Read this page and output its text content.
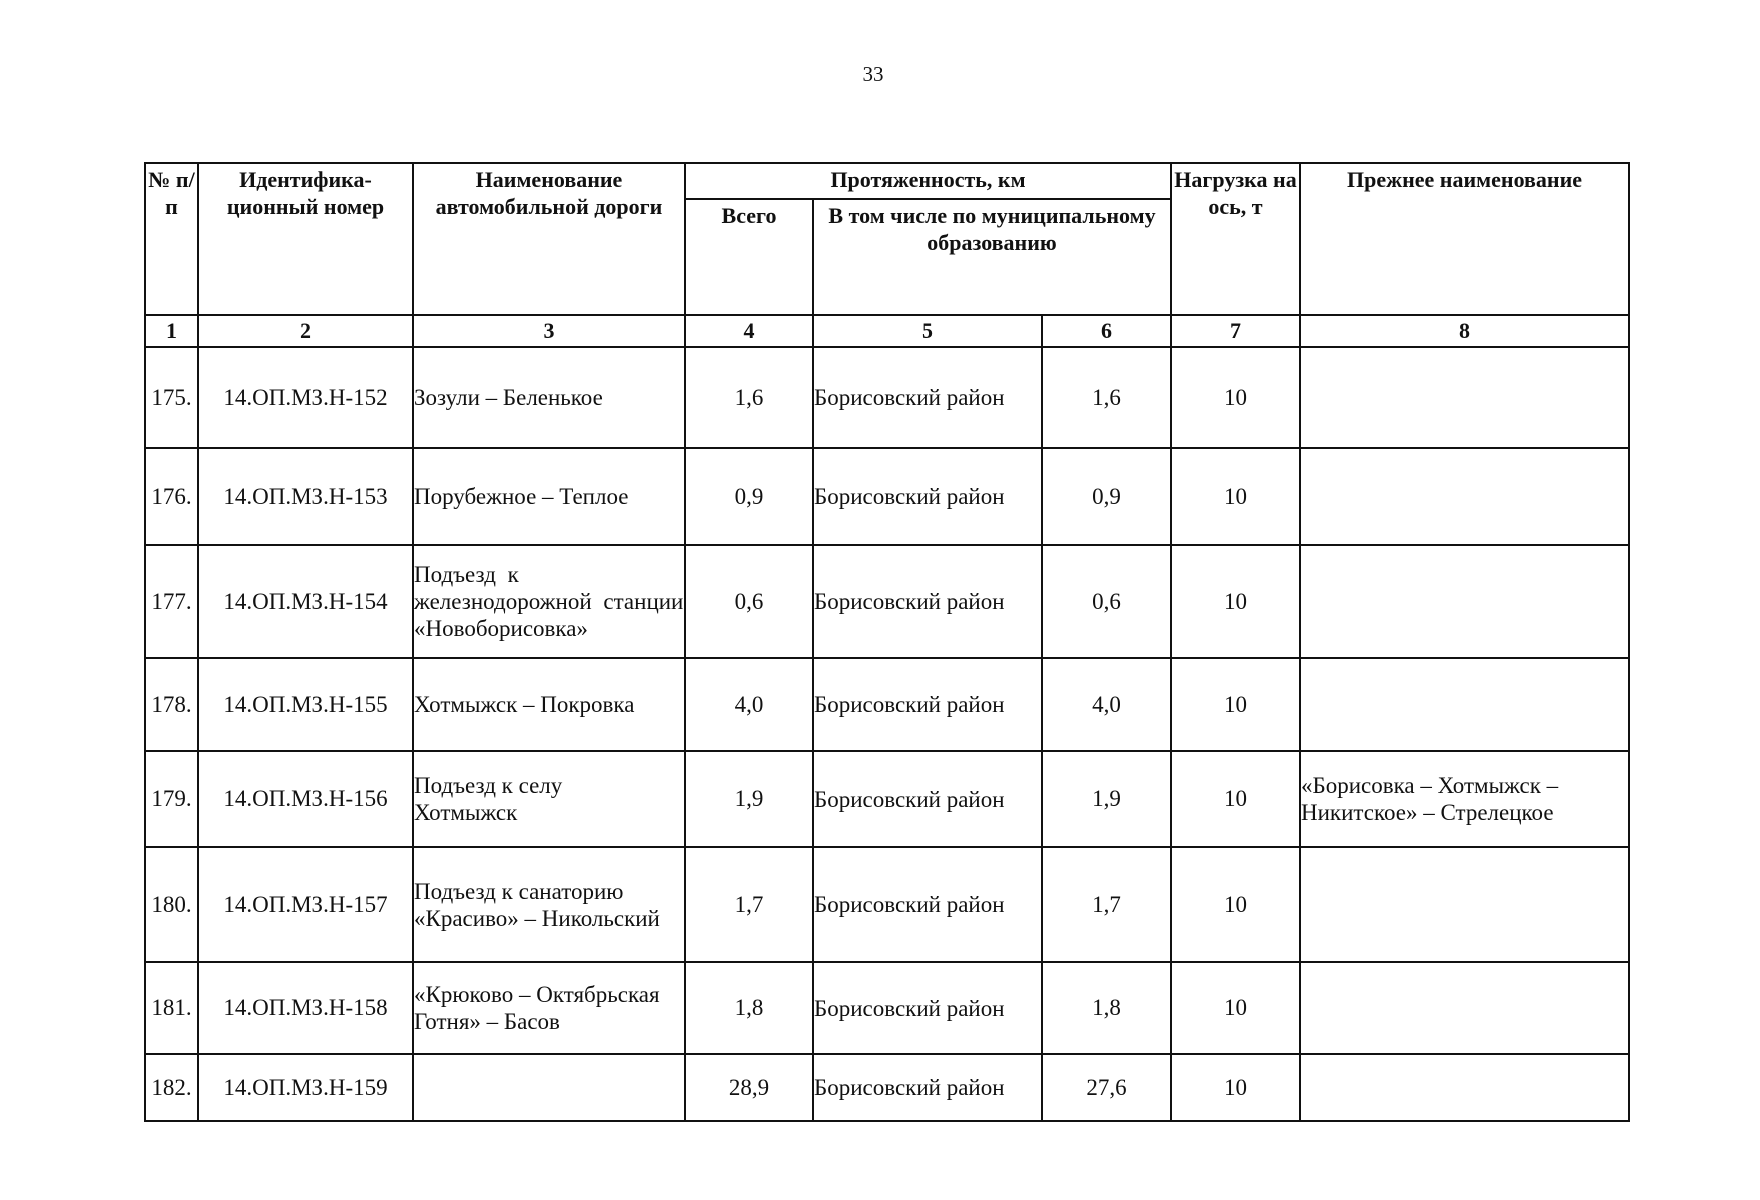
33
№ п/п	Идентифика-ционный номер	Наименование автомобильной дороги	Протяженность, км			Нагрузка на ось, т	Прежнее наименование
			Всего	В том числе по муниципальному образованию			
1	2	3	4	5	6	7	8
175.	14.ОП.МЗ.Н-152	Зозули – Беленькое	1,6	Борисовский район	1,6	10	
176.	14.ОП.МЗ.Н-153	Порубежное – Теплое	0,9	Борисовский район	0,9	10	
177.	14.ОП.МЗ.Н-154	Подъезд к железнодорожной станции «Новоборисовка»	0,6	Борисовский район	0,6	10	
178.	14.ОП.МЗ.Н-155	Хотмыжск – Покровка	4,0	Борисовский район	4,0	10	
179.	14.ОП.МЗ.Н-156	Подъезд к селу Хотмыжск	1,9	Борисовский район	1,9	10	«Борисовка – Хотмыжск – Никитское» – Стрелецкое
180.	14.ОП.МЗ.Н-157	Подъезд к санаторию «Красиво» – Никольский	1,7	Борисовский район	1,7	10	
181.	14.ОП.МЗ.Н-158	«Крюково – Октябрьская Готня» – Басов	1,8	Борисовский район	1,8	10	
182.	14.ОП.МЗ.Н-159		28,9	Борисовский район	27,6	10	
